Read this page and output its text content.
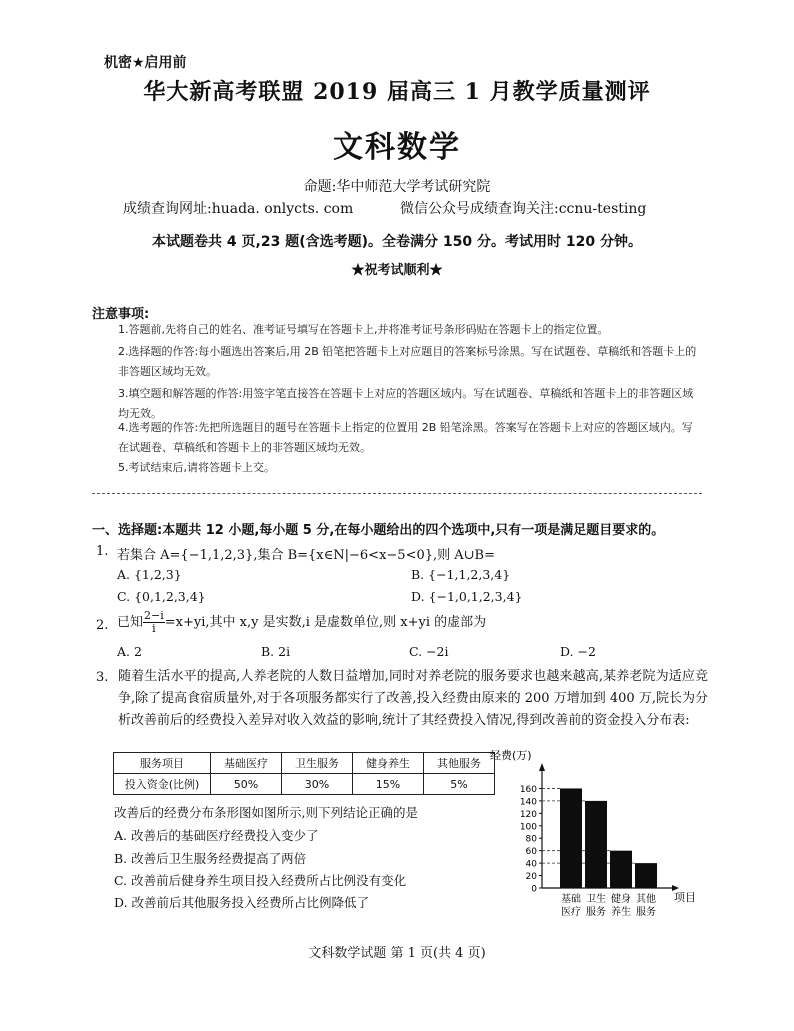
机密★启用前
华大新高考联盟 2019 届高三 1 月教学质量测评
文科数学
命题:华中师范大学考试研究院
成绩查询网址:huada. onlycts. com	微信公众号成绩查询关注:ccnu-testing
本试题卷共 4 页,23 题(含选考题)。全卷满分 150 分。考试用时 120 分钟。
★祝考试顺利★
注意事项:
1.答题前,先将自己的姓名、准考证号填写在答题卡上,并将准考证号条形码贴在答题卡上的指定位置。
2.选择题的作答:每小题选出答案后,用 2B 铅笔把答题卡上对应题目的答案标号涂黑。写在试题卷、草稿纸和答题卡上的非答题区域均无效。
3.填空题和解答题的作答:用签字笔直接答在答题卡上对应的答题区域内。写在试题卷、草稿纸和答题卡上的非答题区域均无效。
4.选考题的作答:先把所选题目的题号在答题卡上指定的位置用 2B 铅笔涂黑。答案写在答题卡上对应的答题区域内。写在试题卷、草稿纸和答题卡上的非答题区域均无效。
5.考试结束后,请将答题卡上交。
一、选择题:本题共 12 小题,每小题 5 分,在每小题给出的四个选项中,只有一项是满足题目要求的。
1. 若集合 A={−1,1,2,3},集合 B={x∈N|−6<x−5<0},则 A∪B=
A. {1,2,3}	B. {−1,1,2,3,4}
C. {0,1,2,3,4}	D. {−1,0,1,2,3,4}
2. 已知 $\frac{2-i}{i} =x+yi$,其中 x,y 是实数,i 是虚数单位,则 x+yi 的虚部为
A. 2	B. 2i	C. −2i	D. −2
3. 随着生活水平的提高,人养老院的人数日益增加,同时对养老院的服务要求也越来越高,某养老院为适应竞争,除了提高食宿质量外,对于各项服务都实行了改善,投入经费由原来的 200 万增加到 400 万,院长为分析改善前后的经费投入差异对收入效益的影响,统计了其经费投入情况,得到改善前的资金投入分布表:
服务项目	基础医疗	卫生服务	健身养生	其他服务
投入资金(比例)	50%	30%	15%	5%
改善后的经费分布条形图如图所示,则下列结论正确的是
A. 改善后的基础医疗经费投入变少了
B. 改善后卫生服务经费提高了两倍
C. 改善前后健身养生项目投入经费所占比例没有变化
D. 改善前后其他服务投入经费所占比例降低了
0
20
40
60
80
100
120
140
160
基础
医疗
卫生
服务
健身
养生
其他
服务
经费(万)
项目
文科数学试题 第 1 页(共 4 页)
